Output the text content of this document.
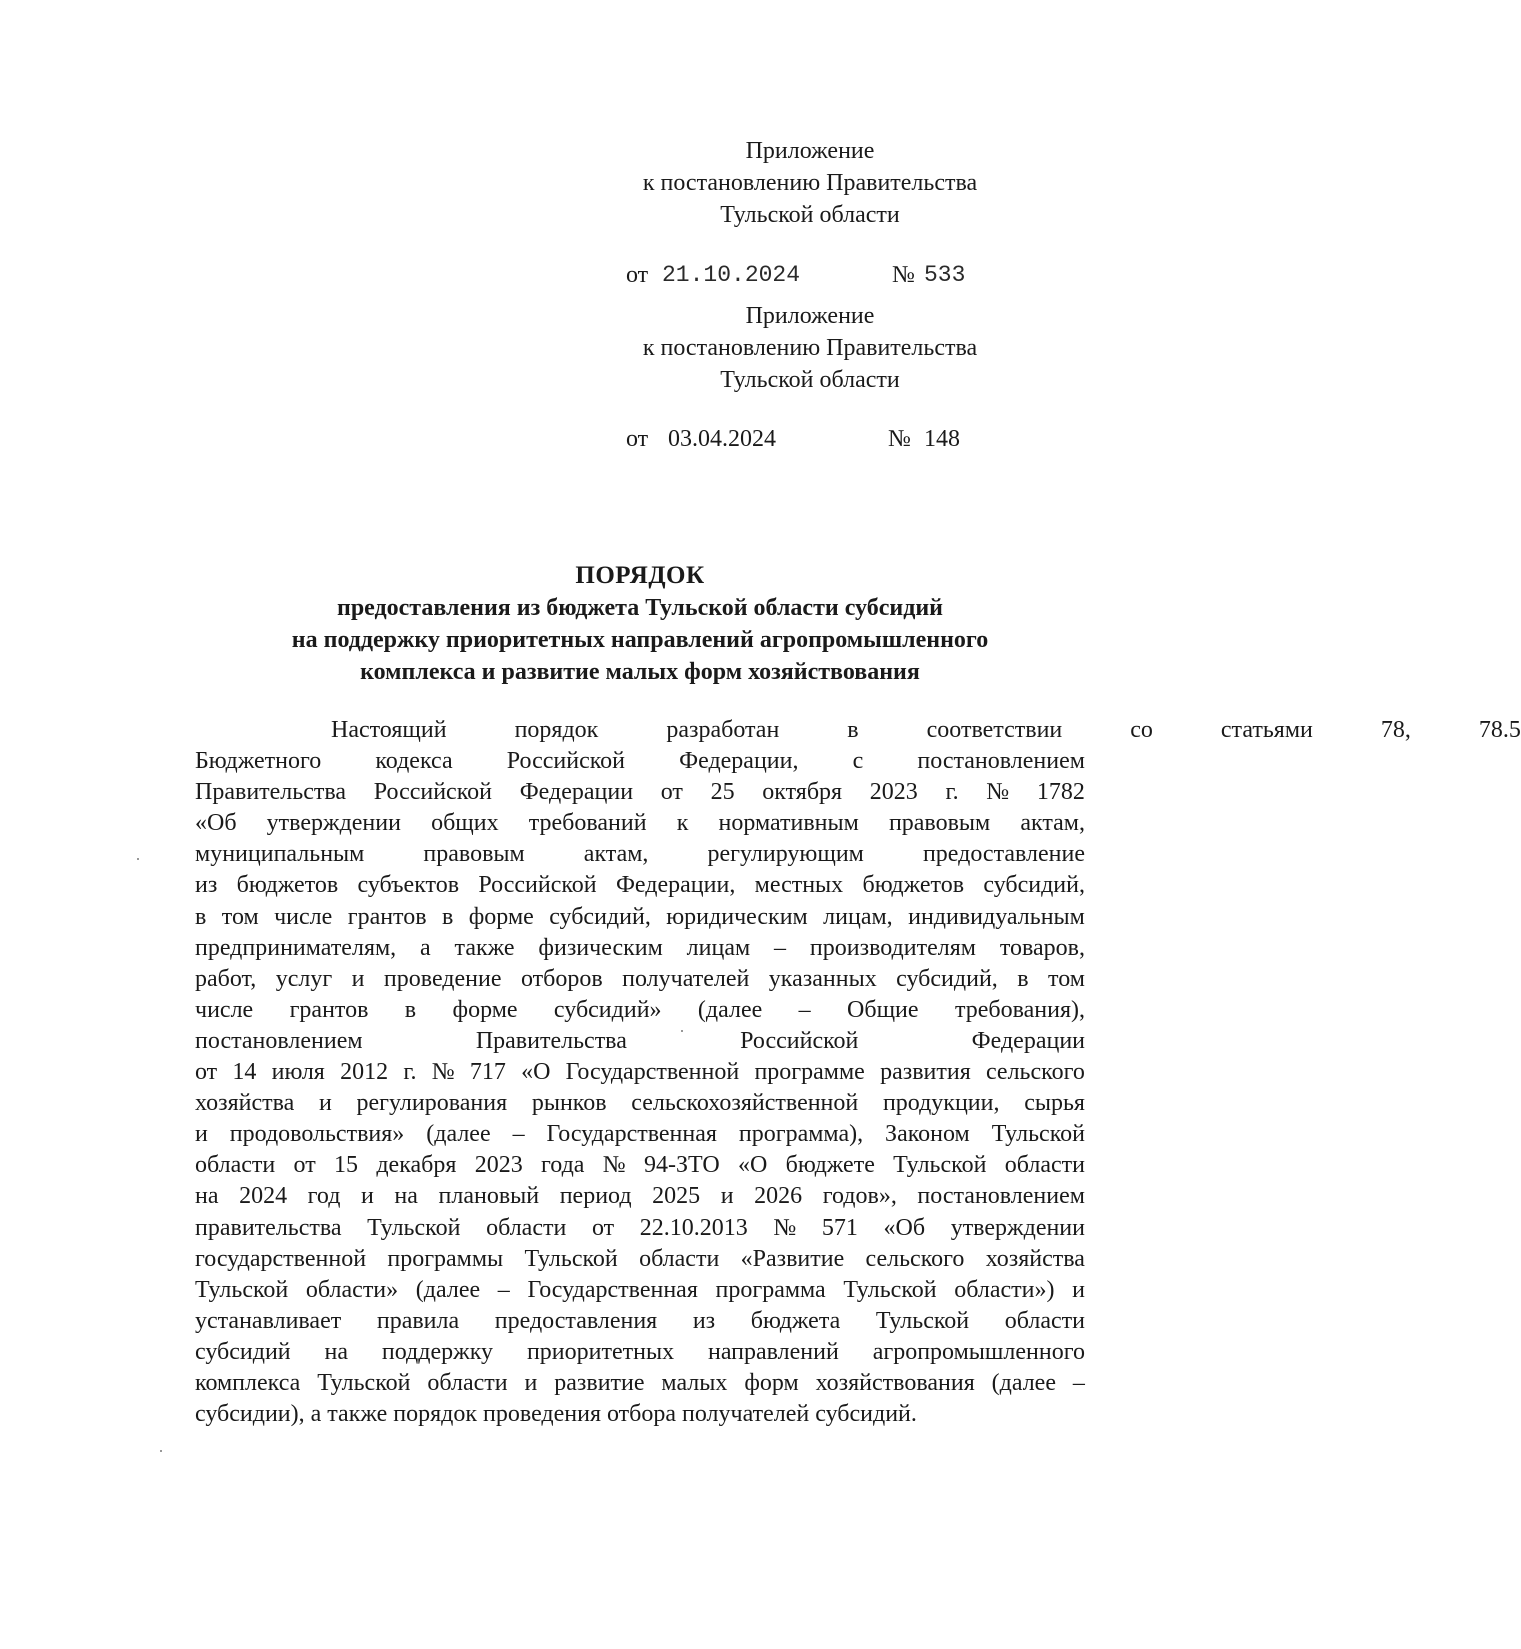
Приложение
к постановлению Правительства
Тульской области
от 21.10.2024	№ 533
Приложение
к постановлению Правительства
Тульской области
от 03.04.2024	№ 148
ПОРЯДОК
предоставления из бюджета Тульской области субсидий
на поддержку приоритетных направлений агропромышленного
комплекса и развитие малых форм хозяйствования
Настоящий	порядок	разработан	в	соответствии	со	статьями	78,	78.5
Бюджетного кодекса Российской Федерации, с постановлением
Правительства Российской Федерации от 25 октября 2023 г. № 1782
«Об утверждении общих требований к нормативным правовым актам,
муниципальным правовым актам, регулирующим предоставление
из бюджетов субъектов Российской Федерации, местных бюджетов субсидий,
в том числе грантов в форме субсидий, юридическим лицам, индивидуальным
предпринимателям, а также физическим лицам – производителям товаров,
работ, услуг и проведение отборов получателей указанных субсидий, в том
числе грантов в форме субсидий» (далее – Общие требования),
постановлением	Правительства	Российской	Федерации
от 14 июля 2012 г. № 717 «О Государственной программе развития сельского
хозяйства и регулирования рынков сельскохозяйственной продукции, сырья
и продовольствия» (далее – Государственная программа), Законом Тульской
области от 15 декабря 2023 года № 94-ЗТО «О бюджете Тульской области
на 2024 год и на плановый период 2025 и 2026 годов», постановлением
правительства Тульской области от 22.10.2013 № 571 «Об утверждении
государственной программы Тульской области «Развитие сельского хозяйства
Тульской области» (далее – Государственная программа Тульской области») и
устанавливает правила предоставления из бюджета Тульской области
субсидий на поддержку приоритетных направлений агропромышленного
комплекса Тульской области и развитие малых форм хозяйствования (далее –
субсидии), а также порядок проведения отбора получателей субсидий.
